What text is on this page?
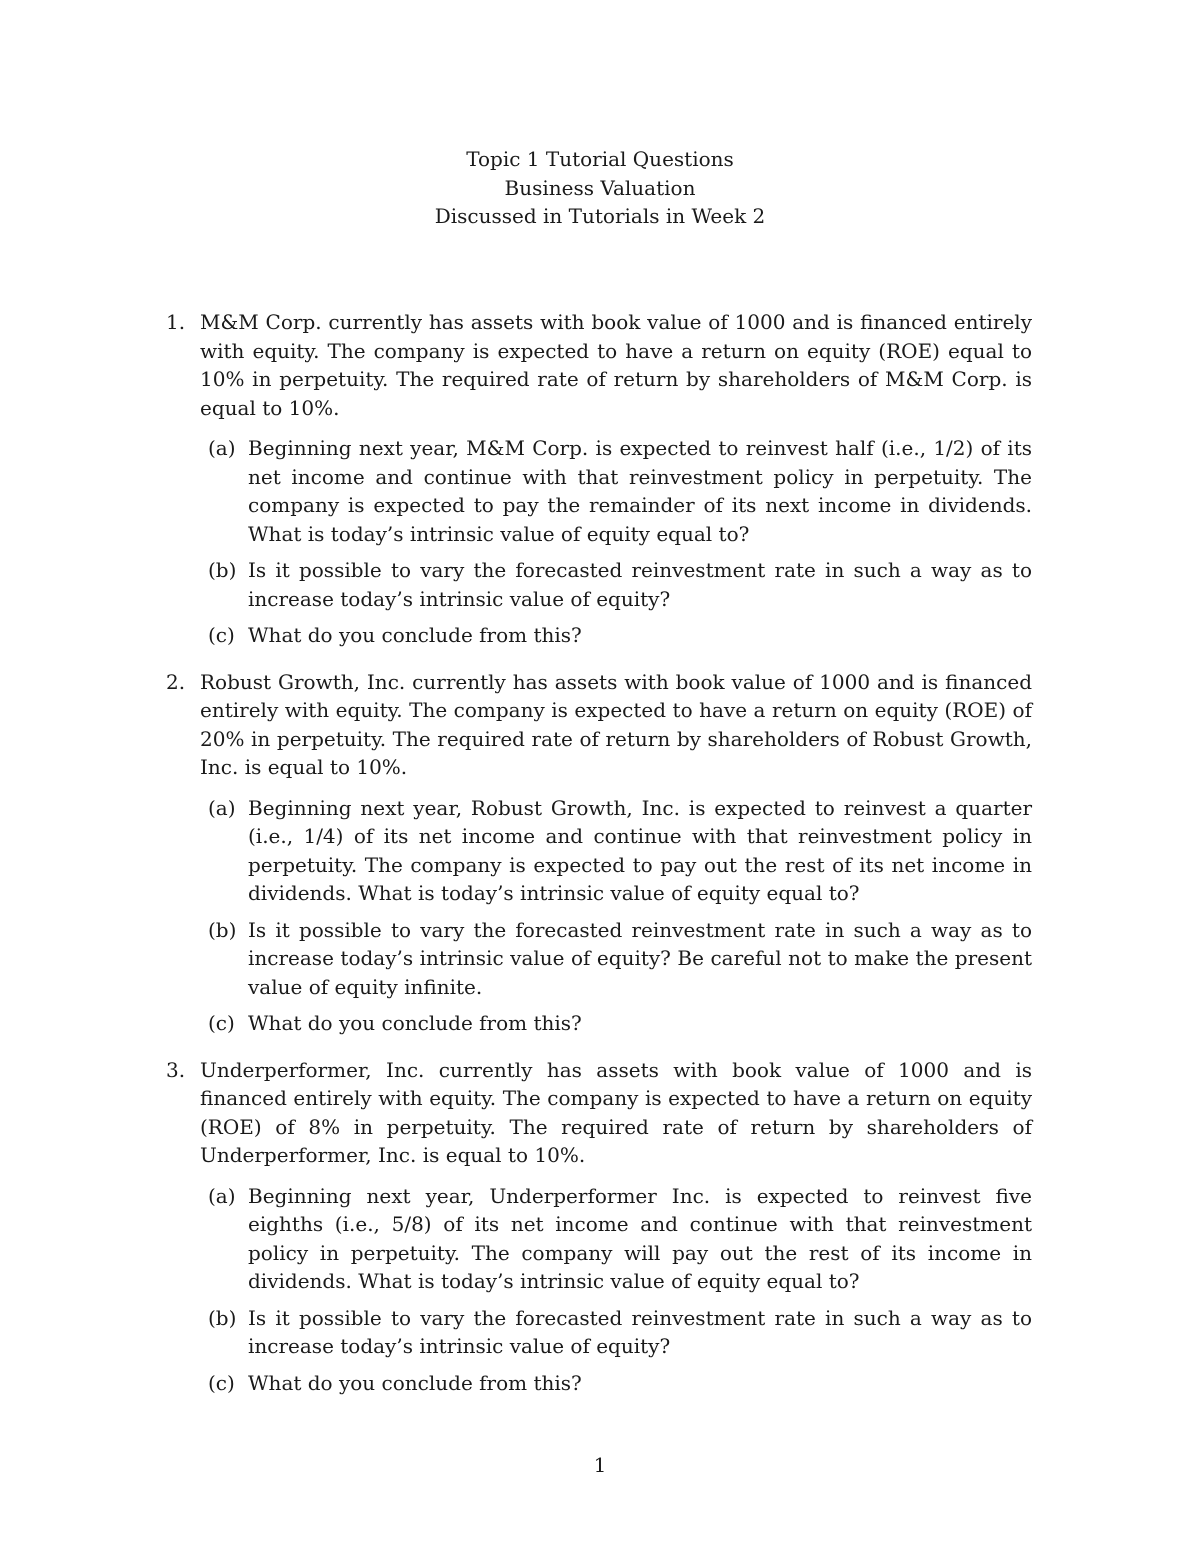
Topic 1 Tutorial Questions
Business Valuation
Discussed in Tutorials in Week 2
1. M&M Corp. currently has assets with book value of 1000 and is financed entirely with equity. The company is expected to have a return on equity (ROE) equal to 10% in perpetuity. The required rate of return by shareholders of M&M Corp. is equal to 10%.
(a) Beginning next year, M&M Corp. is expected to reinvest half (i.e., 1/2) of its net income and continue with that reinvestment policy in perpetuity. The company is expected to pay the remainder of its next income in dividends. What is today’s intrinsic value of equity equal to?
(b) Is it possible to vary the forecasted reinvestment rate in such a way as to increase today’s intrinsic value of equity?
(c) What do you conclude from this?
2. Robust Growth, Inc. currently has assets with book value of 1000 and is financed entirely with equity. The company is expected to have a return on equity (ROE) of 20% in perpetuity. The required rate of return by shareholders of Robust Growth, Inc. is equal to 10%.
(a) Beginning next year, Robust Growth, Inc. is expected to reinvest a quarter (i.e., 1/4) of its net income and continue with that reinvestment policy in perpetuity. The company is expected to pay out the rest of its net income in dividends. What is today’s intrinsic value of equity equal to?
(b) Is it possible to vary the forecasted reinvestment rate in such a way as to increase today’s intrinsic value of equity? Be careful not to make the present value of equity infinite.
(c) What do you conclude from this?
3. Underperformer, Inc. currently has assets with book value of 1000 and is financed entirely with equity. The company is expected to have a return on equity (ROE) of 8% in perpetuity. The required rate of return by shareholders of Underperformer, Inc. is equal to 10%.
(a) Beginning next year, Underperformer Inc. is expected to reinvest five eighths (i.e., 5/8) of its net income and continue with that reinvestment policy in perpetuity. The company will pay out the rest of its income in dividends. What is today’s intrinsic value of equity equal to?
(b) Is it possible to vary the forecasted reinvestment rate in such a way as to increase today’s intrinsic value of equity?
(c) What do you conclude from this?
1
